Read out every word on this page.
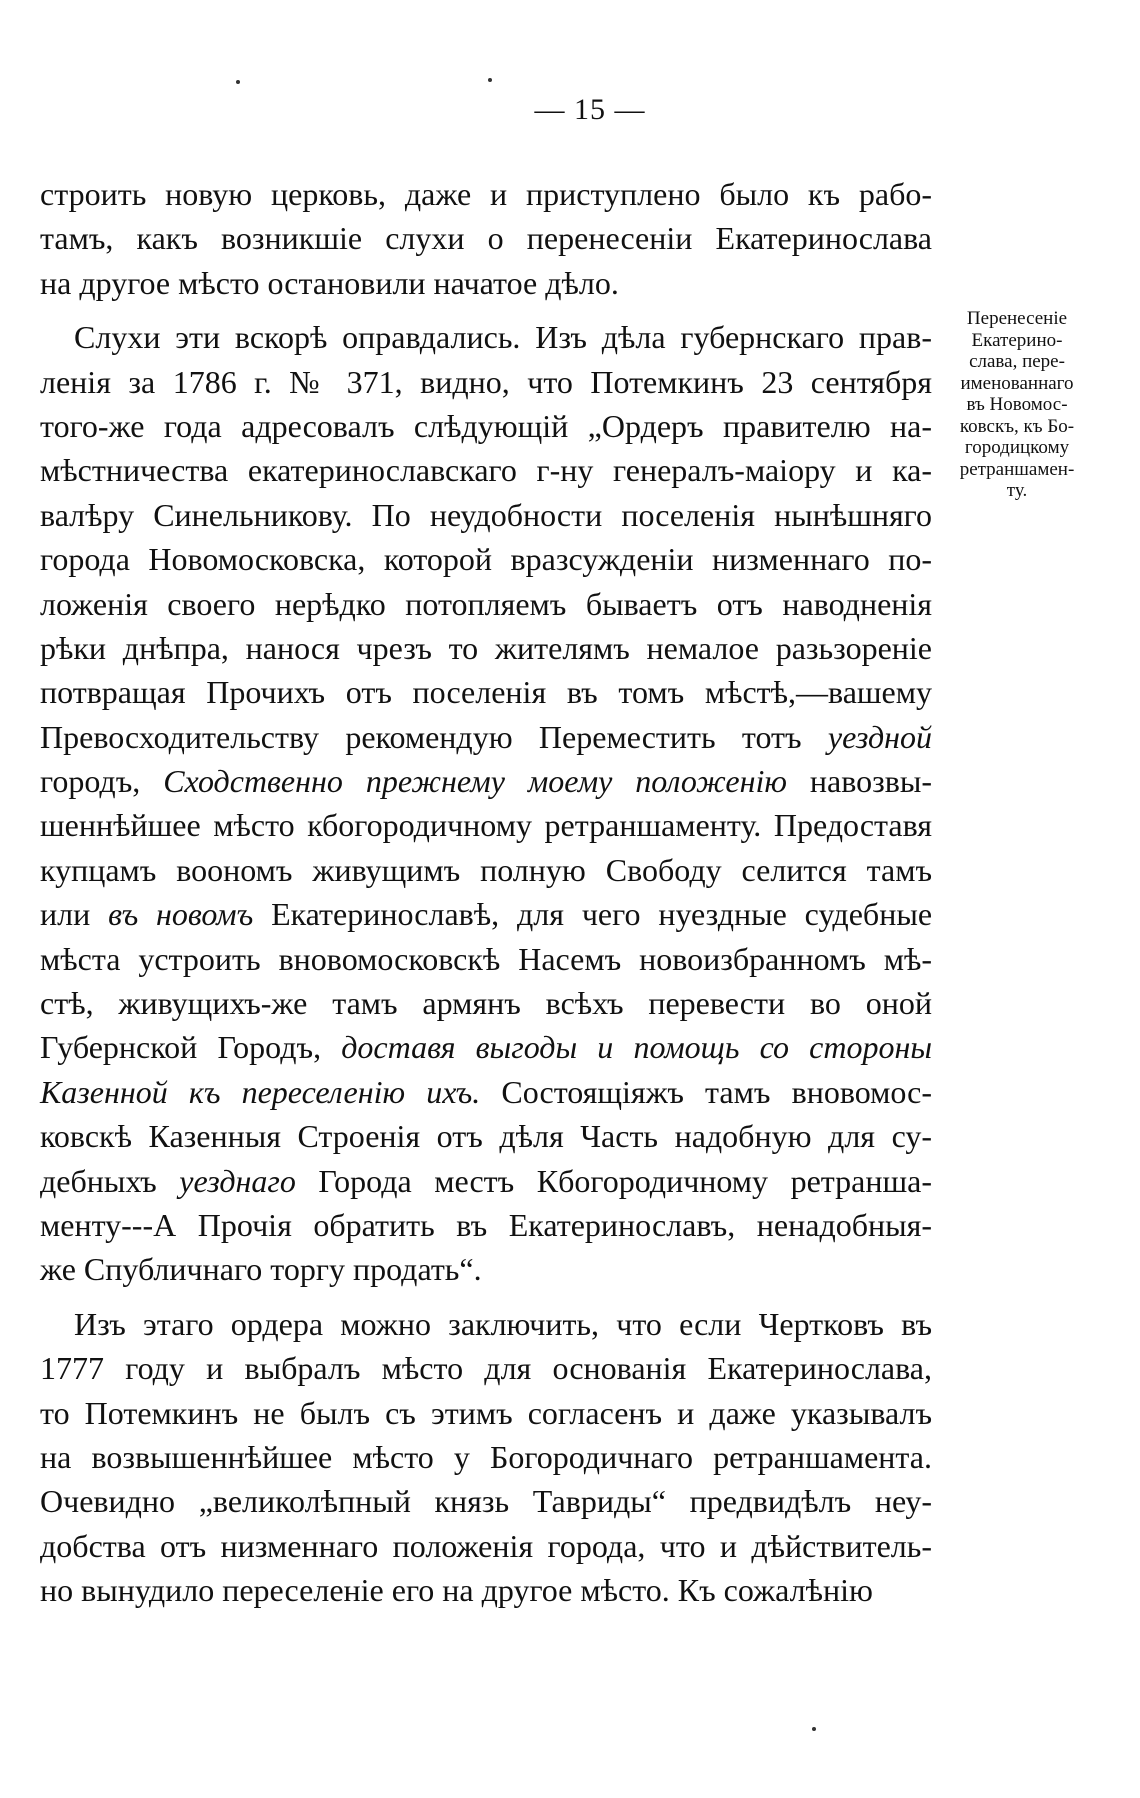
— 15 —
строить новую церковь, даже и приступлено было къ рабо-
тамъ, какъ возникшіе слухи о перенесеніи Екатеринослава
на другое мѣсто остановили начатое дѣло.
Слухи эти вскорѣ оправдались. Изъ дѣла губернскаго прав-
ленія за 1786 г. № 371, видно, что Потемкинъ 23 сентября
того-же года адресовалъ слѣдующій „Ордеръ правителю на-
мѣстничества екатеринославскаго г-ну генералъ-маіору и ка-
валѣру Синельникову. По неудобности поселенія нынѣшняго
города Новомосковска, которой вразсужденіи низменнаго по-
ложенія своего нерѣдко потопляемъ бываетъ отъ наводненія
рѣки днѣпра, нанося чрезъ то жителямъ немалое разьзореніе
потвращая Прочихъ отъ поселенія въ томъ мѣстѣ,—вашему
Превосходительству рекомендую Переместить тотъ уездной
городъ, Сходственно прежнему моему положенію навозвы-
шеннѣйшее мѣсто кбогородичному ретраншаменту. Предоставя
купцамъ воономъ живущимъ полную Свободу селится тамъ
или въ новомъ Екатеринославѣ, для чего нуездные судебные
мѣста устроить вновомосковскѣ Насемъ новоизбранномъ мѣ-
стѣ, живущихъ-же тамъ армянъ всѣхъ перевести во оной
Губернской Городъ, доставя выгоды и помощь со стороны
Казенной къ переселенію ихъ. Состоящіяжъ тамъ вновомос-
ковскѣ Казенныя Строенія отъ дѣля Часть надобную для су-
дебныхъ уезднаго Города местъ Кбогородичному ретранша-
менту---А Прочія обратить въ Екатеринославъ, ненадобныя-
же Спубличнаго торгу продать“.
Изъ этаго ордера можно заключить, что если Чертковъ въ
1777 году и выбралъ мѣсто для основанія Екатеринослава,
то Потемкинъ не былъ съ этимъ согласенъ и даже указывалъ
на возвышеннѣйшее мѣсто у Богородичнаго ретраншамента.
Очевидно „великолѣпный князь Тавриды“ предвидѣлъ неу-
добства отъ низменнаго положенія города, что и дѣйствитель-
но вынудило переселеніе его на другое мѣсто. Къ сожалѣнію
Перенесеніе
Екатерино-
слава, пере-
именованнаго
въ Новомос-
ковскъ, къ Бо-
городицкому
ретраншамен-
ту.
